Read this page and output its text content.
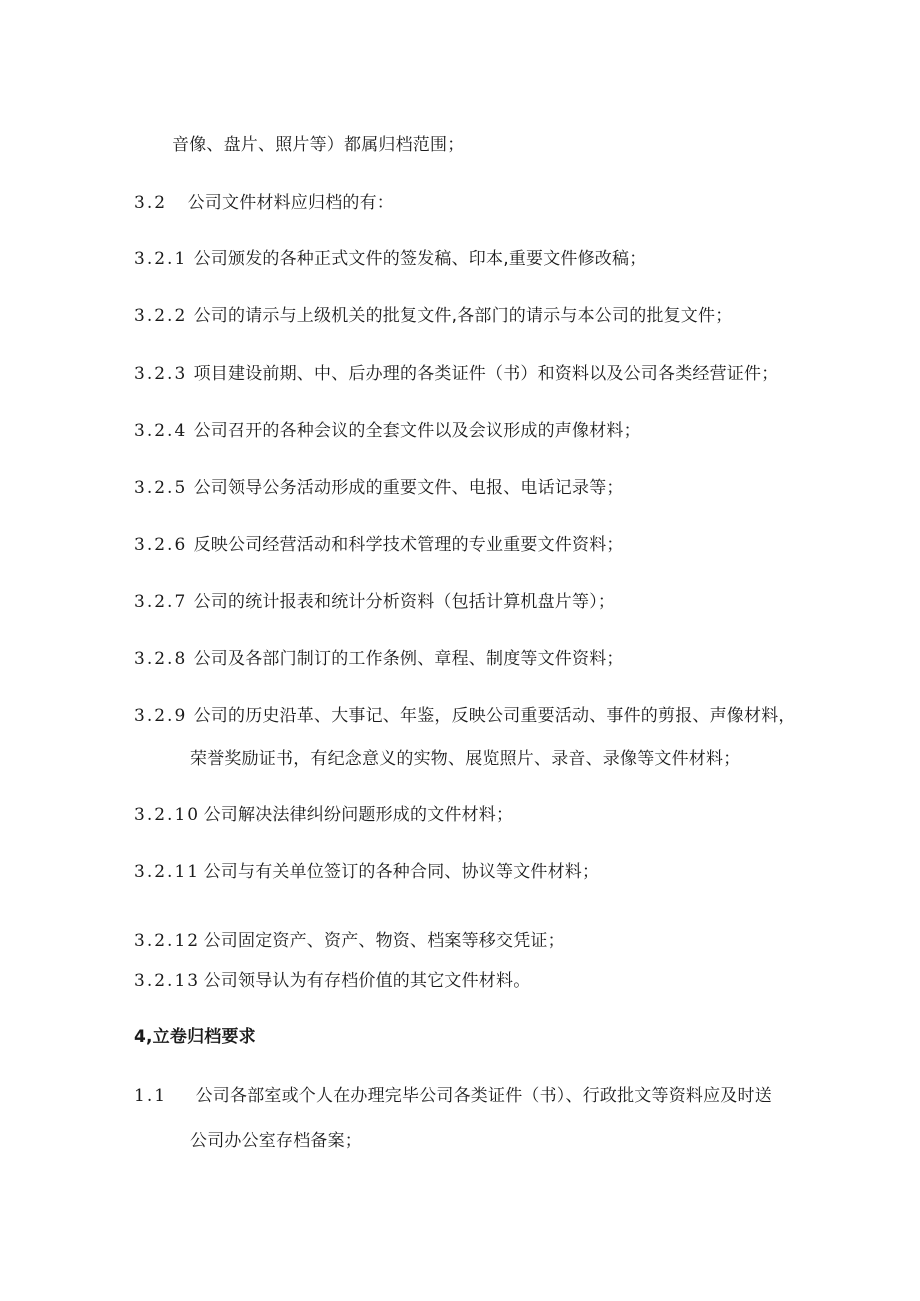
音像、盘片、照片等）都属归档范围；
3.2 公司文件材料应归档的有：
3.2.1 公司颁发的各种正式文件的签发稿、印本,重要文件修改稿；
3.2.2 公司的请示与上级机关的批复文件,各部门的请示与本公司的批复文件；
3.2.3 项目建设前期、中、后办理的各类证件（书）和资料以及公司各类经营证件；
3.2.4 公司召开的各种会议的全套文件以及会议形成的声像材料；
3.2.5 公司领导公务活动形成的重要文件、电报、电话记录等；
3.2.6 反映公司经营活动和科学技术管理的专业重要文件资料；
3.2.7 公司的统计报表和统计分析资料（包括计算机盘片等）；
3.2.8 公司及各部门制订的工作条例、章程、制度等文件资料；
3.2.9 公司的历史沿革、大事记、年鉴，反映公司重要活动、事件的剪报、声像材料，
荣誉奖励证书，有纪念意义的实物、展览照片、录音、录像等文件材料；
3.2.10 公司解决法律纠纷问题形成的文件材料；
3.2.11 公司与有关单位签订的各种合同、协议等文件材料；
3.2.12 公司固定资产、资产、物资、档案等移交凭证；
3.2.13 公司领导认为有存档价值的其它文件材料。
4,立卷归档要求
1.1 公司各部室或个人在办理完毕公司各类证件（书）、行政批文等资料应及时送
公司办公室存档备案；
